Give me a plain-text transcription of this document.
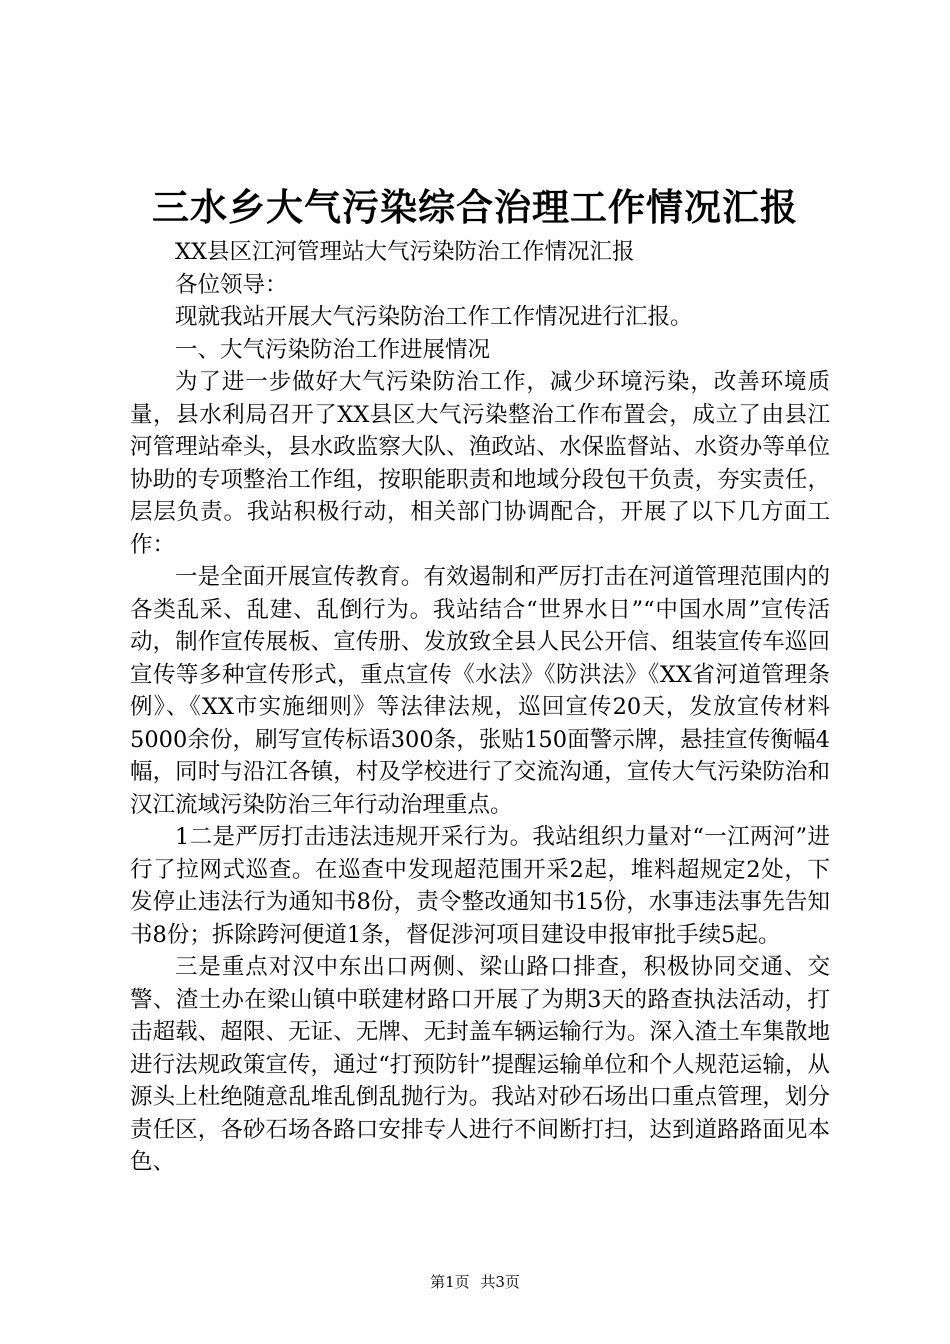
三水乡大气污染综合治理工作情况汇报

XX县区江河管理站大气污染防治工作情况汇报

各位领导：

现就我站开展大气污染防治工作工作情况进行汇报。

一、大气污染防治工作进展情况

为了进一步做好大气污染防治工作，减少环境污染，改善环境质量，县水利局召开了XX县区大气污染整治工作布置会，成立了由县江河管理站牵头，县水政监察大队、渔政站、水保监督站、水资办等单位协助的专项整治工作组，按职能职责和地域分段包干负责，夯实责任，层层负责。我站积极行动，相关部门协调配合，开展了以下几方面工作：

一是全面开展宣传教育。有效遏制和严厉打击在河道管理范围内的各类乱采、乱建、乱倒行为。我站结合“世界水日”“中国水周”宣传活动，制作宣传展板、宣传册、发放致全县人民公开信、组装宣传车巡回宣传等多种宣传形式，重点宣传《水法》《防洪法》《XX省河道管理条例》、《XX市实施细则》等法律法规，巡回宣传20天，发放宣传材料5000余份，刷写宣传标语300条，张贴150面警示牌，悬挂宣传衡幅4幅，同时与沿江各镇，村及学校进行了交流沟通，宣传大气污染防治和汉江流域污染防治三年行动治理重点。

1二是严厉打击违法违规开采行为。我站组织力量对“一江两河”进行了拉网式巡查。在巡查中发现超范围开采2起，堆料超规定2处，下发停止违法行为通知书8份，责令整改通知书15份，水事违法事先告知书8份；拆除跨河便道1条，督促涉河项目建设申报审批手续5起。

三是重点对汉中东出口两侧、梁山路口排查，积极协同交通、交警、渣土办在梁山镇中联建材路口开展了为期3天的路查执法活动，打击超载、超限、无证、无牌、无封盖车辆运输行为。深入渣土车集散地进行法规政策宣传，通过“打预防针”提醒运输单位和个人规范运输，从源头上杜绝随意乱堆乱倒乱抛行为。我站对砂石场出口重点管理，划分责任区，各砂石场各路口安排专人进行不间断打扫，达到道路路面见本色、

第1页 共3页
